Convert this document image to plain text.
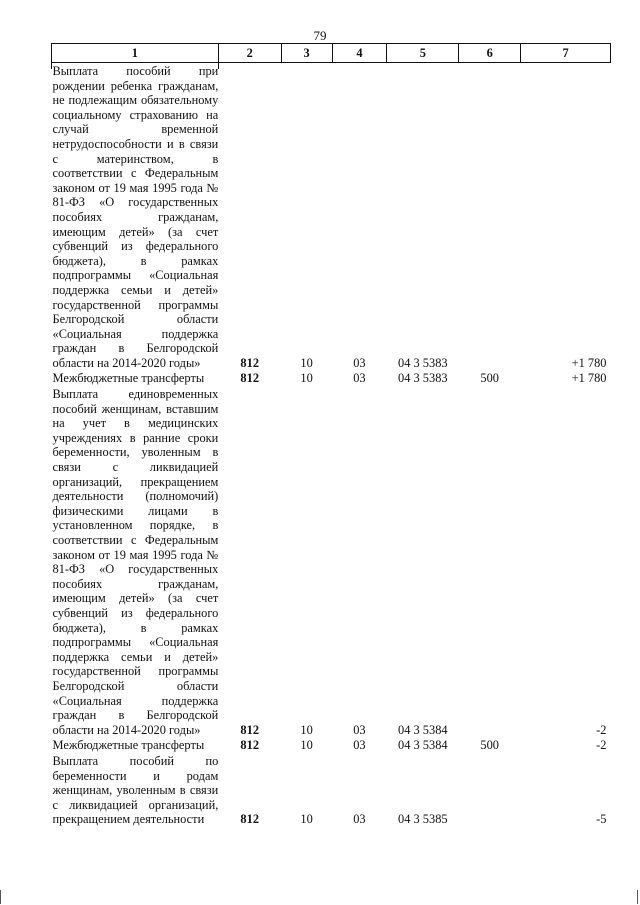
79
1	2	3	4	5	6	7
Выплата пособий при рождении ребенка гражданам, не подлежащим обязательному социальному страхованию на случай временной нетрудоспособности и в связи с материнством, в соответствии с Федеральным законом от 19 мая 1995 года № 81-ФЗ «О государственных пособиях гражданам, имеющим детей» (за счет субвенций из федерального бюджета), в рамках подпрограммы «Социальная поддержка семьи и детей» государственной программы Белгородской области «Социальная поддержка граждан в Белгородской области на 2014-2020 годы»	812	10	03	04 3 5383		+1 780
Межбюджетные трансферты	812	10	03	04 3 5383	500	+1 780
Выплата единовременных пособий женщинам, вставшим на учет в медицинских учреждениях в ранние сроки беременности, уволенным в связи с ликвидацией организаций, прекращением деятельности (полномочий) физическими лицами в установленном порядке, в соответствии с Федеральным законом от 19 мая 1995 года № 81-ФЗ «О государственных пособиях гражданам, имеющим детей» (за счет субвенций из федерального бюджета), в рамках подпрограммы «Социальная поддержка семьи и детей» государственной программы Белгородской области «Социальная поддержка граждан в Белгородской области на 2014-2020 годы»	812	10	03	04 3 5384		-2
Межбюджетные трансферты	812	10	03	04 3 5384	500	-2
Выплата пособий по беременности и родам женщинам, уволенным в связи с ликвидацией организаций, прекращением деятельности	812	10	03	04 3 5385		-5
